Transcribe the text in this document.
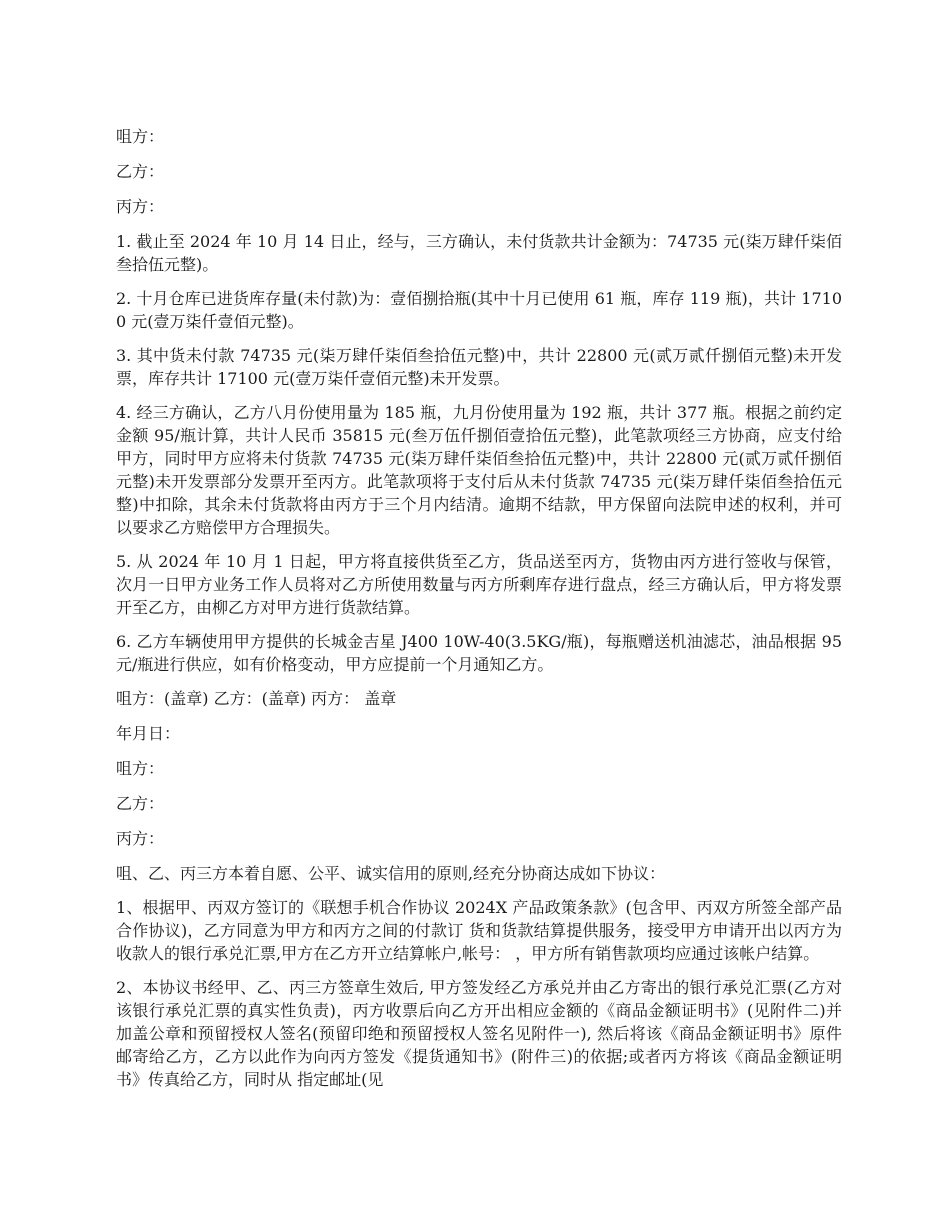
咀方：

乙方：

丙方：

1. 截止至 2024 年 10 月 14 日止，经与，三方确认，未付货款共计金额为：74735 元(柒万肆仟柒佰叁拾伍元整)。

2. 十月仓库已进货库存量(未付款)为：壹佰捌拾瓶(其中十月已使用 61 瓶，库存 119 瓶)，共计 17100 元(壹万柒仟壹佰元整)。

3. 其中货未付款 74735 元(柒万肆仟柒佰叁拾伍元整)中，共计 22800 元(贰万贰仟捌佰元整)未开发票，库存共计 17100 元(壹万柒仟壹佰元整)未开发票。

4. 经三方确认，乙方八月份使用量为 185 瓶，九月份使用量为 192 瓶，共计 377 瓶。根据之前约定金额 95/瓶计算，共计人民币 35815 元(叁万伍仟捌佰壹拾伍元整)，此笔款项经三方协商，应支付给甲方，同时甲方应将未付货款 74735 元(柒万肆仟柒佰叁拾伍元整)中，共计 22800 元(贰万贰仟捌佰元整)未开发票部分发票开至丙方。此笔款项将于支付后从未付货款 74735 元(柒万肆仟柒佰叁拾伍元整)中扣除，其余未付货款将由丙方于三个月内结清。逾期不结款，甲方保留向法院申述的权利，并可以要求乙方赔偿甲方合理损失。

5. 从 2024 年 10 月 1 日起，甲方将直接供货至乙方，货品送至丙方，货物由丙方进行签收与保管，次月一日甲方业务工作人员将对乙方所使用数量与丙方所剩库存进行盘点，经三方确认后，甲方将发票开至乙方，由柳乙方对甲方进行货款结算。

6. 乙方车辆使用甲方提供的长城金吉星 J400 10W-40(3.5KG/瓶)，每瓶赠送机油滤芯，油品根据 95 元/瓶进行供应，如有价格变动，甲方应提前一个月通知乙方。

咀方：(盖章) 乙方：(盖章) 丙方： 盖章

年月日：

咀方：

乙方：

丙方：

咀、乙、丙三方本着自愿、公平、诚实信用的原则,经充分协商达成如下协议：

1、根据甲、丙双方签订的《联想手机合作协议 2024X 产品政策条款》(包含甲、丙双方所签全部产品合作协议)，乙方同意为甲方和丙方之间的付款订 货和货款结算提供服务，接受甲方申请开出以丙方为收款人的银行承兑汇票,甲方在乙方开立结算帐户,帐号： ，甲方所有销售款项均应通过该帐户结算。

2、本协议书经甲、乙、丙三方签章生效后, 甲方签发经乙方承兑并由乙方寄出的银行承兑汇票(乙方对该银行承兑汇票的真实性负责)，丙方收票后向乙方开出相应金额的《商品金额证明书》(见附件二)并 加盖公章和预留授权人签名(预留印绝和预留授权人签名见附件一), 然后将该《商品金额证明书》原件邮寄给乙方，乙方以此作为向丙方签发《提货通知书》(附件三)的依据;或者丙方将该《商品金额证明书》传真给乙方，同时从 指定邮址(见
